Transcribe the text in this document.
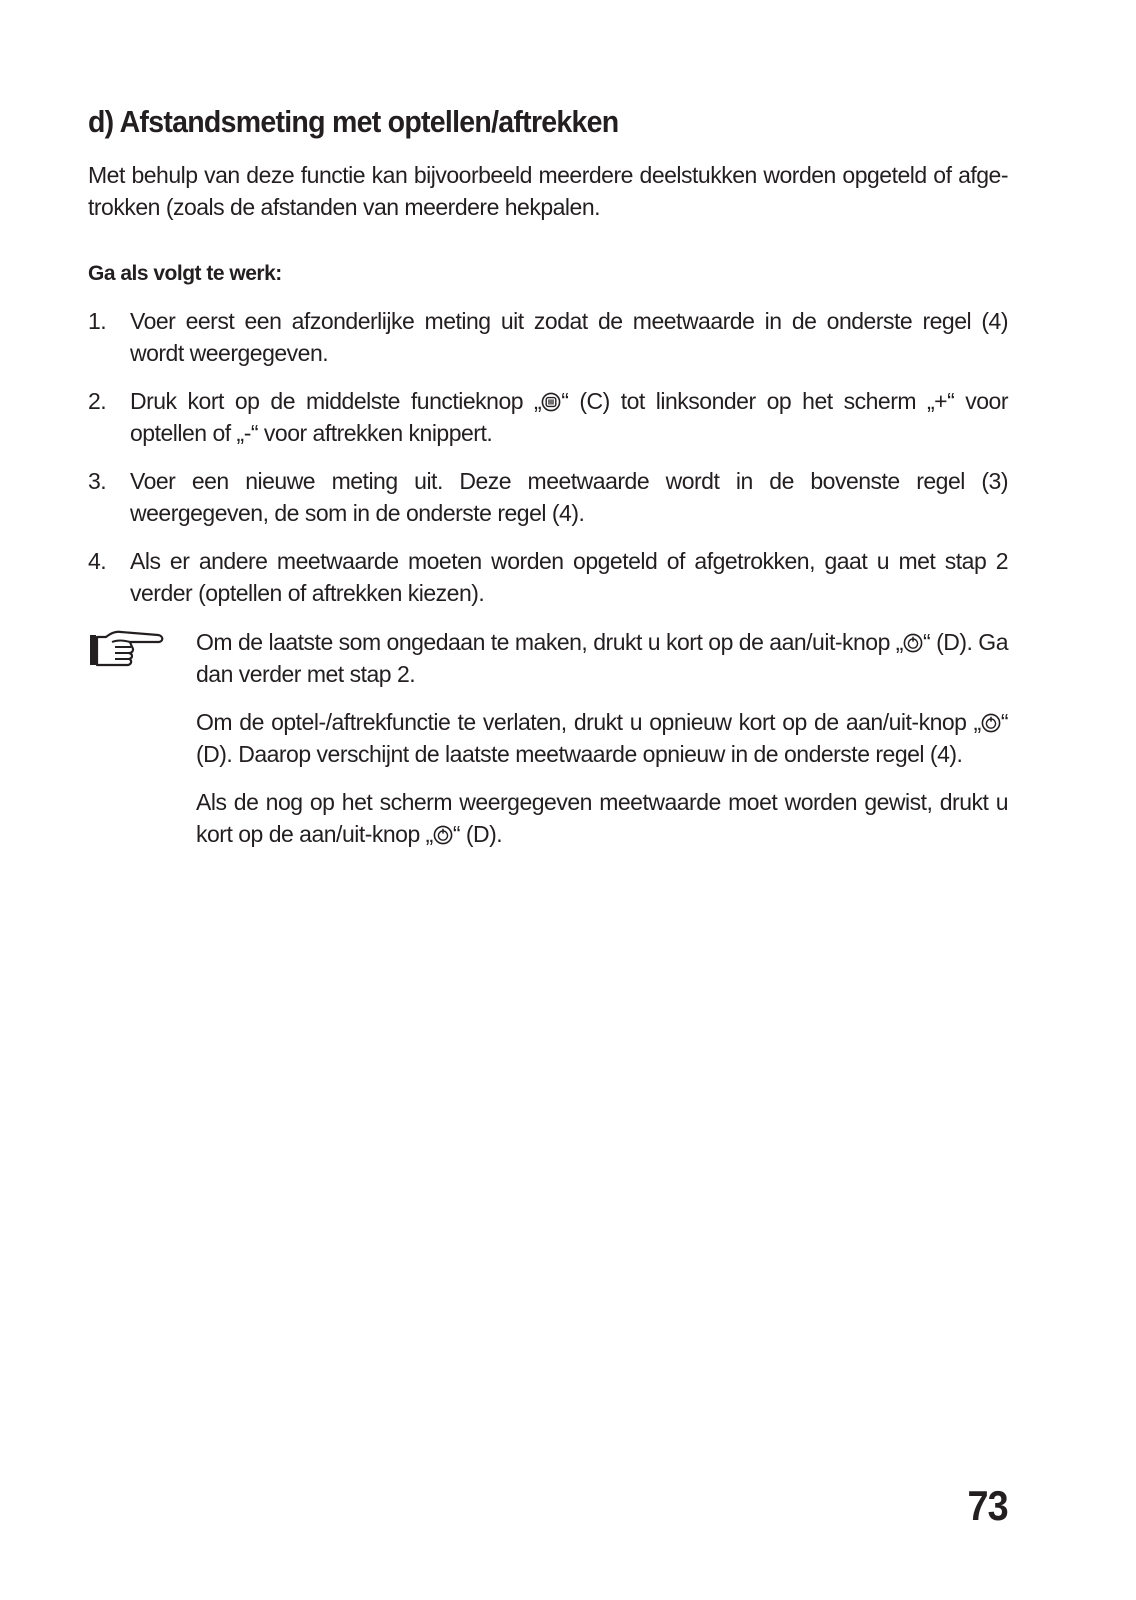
d) Afstandsmeting met optellen/aftrekken

Met behulp van deze functie kan bijvoorbeeld meerdere deelstukken worden opgeteld of afge-trokken (zoals de afstanden van meerdere hekpalen.

Ga als volgt te werk:
1. Voer eerst een afzonderlijke meting uit zodat de meetwaarde in de onderste regel (4) wordt weergegeven.
2. Druk kort op de middelste functieknop „ “ (C) tot linksonder op het scherm „+“ voor optellen of „-“ voor aftrekken knippert.
3. Voer een nieuwe meting uit. Deze meetwaarde wordt in de bovenste regel (3) weergegeven, de som in de onderste regel (4).
4. Als er andere meetwaarde moeten worden opgeteld of afgetrokken, gaat u met stap 2 verder (optellen of aftrekken kiezen).

Om de laatste som ongedaan te maken, drukt u kort op de aan/uit-knop „ “ (D). Ga dan verder met stap 2.

Om de optel-/aftrekfunctie te verlaten, drukt u opnieuw kort op de aan/uit-knop „ “ (D). Daarop verschijnt de laatste meetwaarde opnieuw in de onderste regel (4).

Als de nog op het scherm weergegeven meetwaarde moet worden gewist, drukt u kort op de aan/uit-knop „ “ (D).

73
